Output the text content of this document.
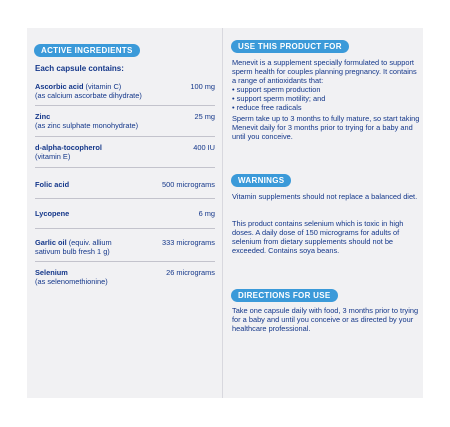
ACTIVE INGREDIENTS
Each capsule contains:
Ascorbic acid (vitamin C)
(as calcium ascorbate dihydrate)
100 mg
Zinc
(as zinc sulphate monohydrate)
25 mg
d-alpha-tocopherol
(vitamin E)
400 IU
Folic acid	500 micrograms
Lycopene	6 mg
Garlic oil (equiv. allium
sativum bulb fresh 1 g)
333 micrograms
Selenium
(as selenomethionine)
26 micrograms
USE THIS PRODUCT FOR

Menevit is a supplement specially formulated to support sperm health for couples planning pregnancy. It contains a range of antioxidants that:

• support sperm production
• support sperm motility; and
• reduce free radicals

Sperm take up to 3 months to fully mature, so start taking Menevit daily for 3 months prior to trying for a baby and until you conceive.

WARNINGS

Vitamin supplements should not replace a balanced diet.

This product contains selenium which is toxic in high doses. A daily dose of 150 micrograms for adults of selenium from dietary supplements should not be exceeded. Contains soya beans.

DIRECTIONS FOR USE

Take one capsule daily with food, 3 months prior to trying for a baby and until you conceive or as directed by your healthcare professional.
